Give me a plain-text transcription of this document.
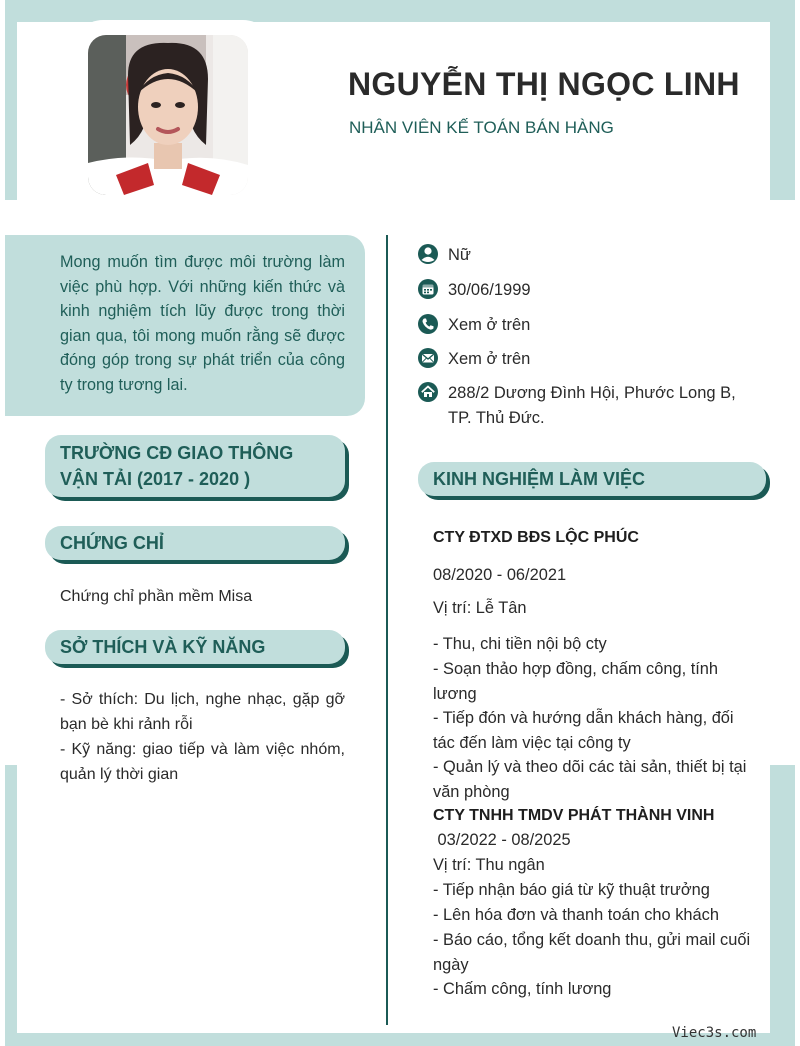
NGUYỄN THỊ NGỌC LINH
NHÂN VIÊN KẾ TOÁN BÁN HÀNG
Mong muốn tìm được môi trường làm việc phù hợp. Với những kiến thức và kinh nghiệm tích lũy được trong thời gian qua, tôi mong muốn rằng sẽ được đóng góp trong sự phát triển của công ty trong tương lai.
TRƯỜNG CĐ GIAO THÔNG VẬN TẢI (2017 - 2020 )
CHỨNG CHỈ
Chứng chỉ phần mềm Misa
SỞ THÍCH VÀ KỸ NĂNG
- Sở thích: Du lịch, nghe nhạc, gặp gỡ bạn bè khi rảnh rỗi
- Kỹ năng: giao tiếp và làm việc nhóm, quản lý thời gian
Nữ
30/06/1999
Xem ở trên
Xem ở trên
288/2 Dương Đình Hội, Phước Long B, TP. Thủ Đức.
KINH NGHIỆM LÀM VIỆC
CTY ĐTXD BĐS LỘC PHÚC
08/2020 - 06/2021
Vị trí: Lễ Tân
- Thu, chi tiền nội bộ cty
- Soạn thảo hợp đồng, chấm công, tính lương
- Tiếp đón và hướng dẫn khách hàng, đối tác đến làm việc tại công ty
- Quản lý và theo dõi các tài sản, thiết bị tại văn phòng
CTY TNHH TMDV PHÁT THÀNH VINH
03/2022 - 08/2025
Vị trí: Thu ngân
- Tiếp nhận báo giá từ kỹ thuật trưởng
- Lên hóa đơn và thanh toán cho khách
- Báo cáo, tổng kết doanh thu, gửi mail cuối ngày
- Chấm công, tính lương
Viec3s.com
